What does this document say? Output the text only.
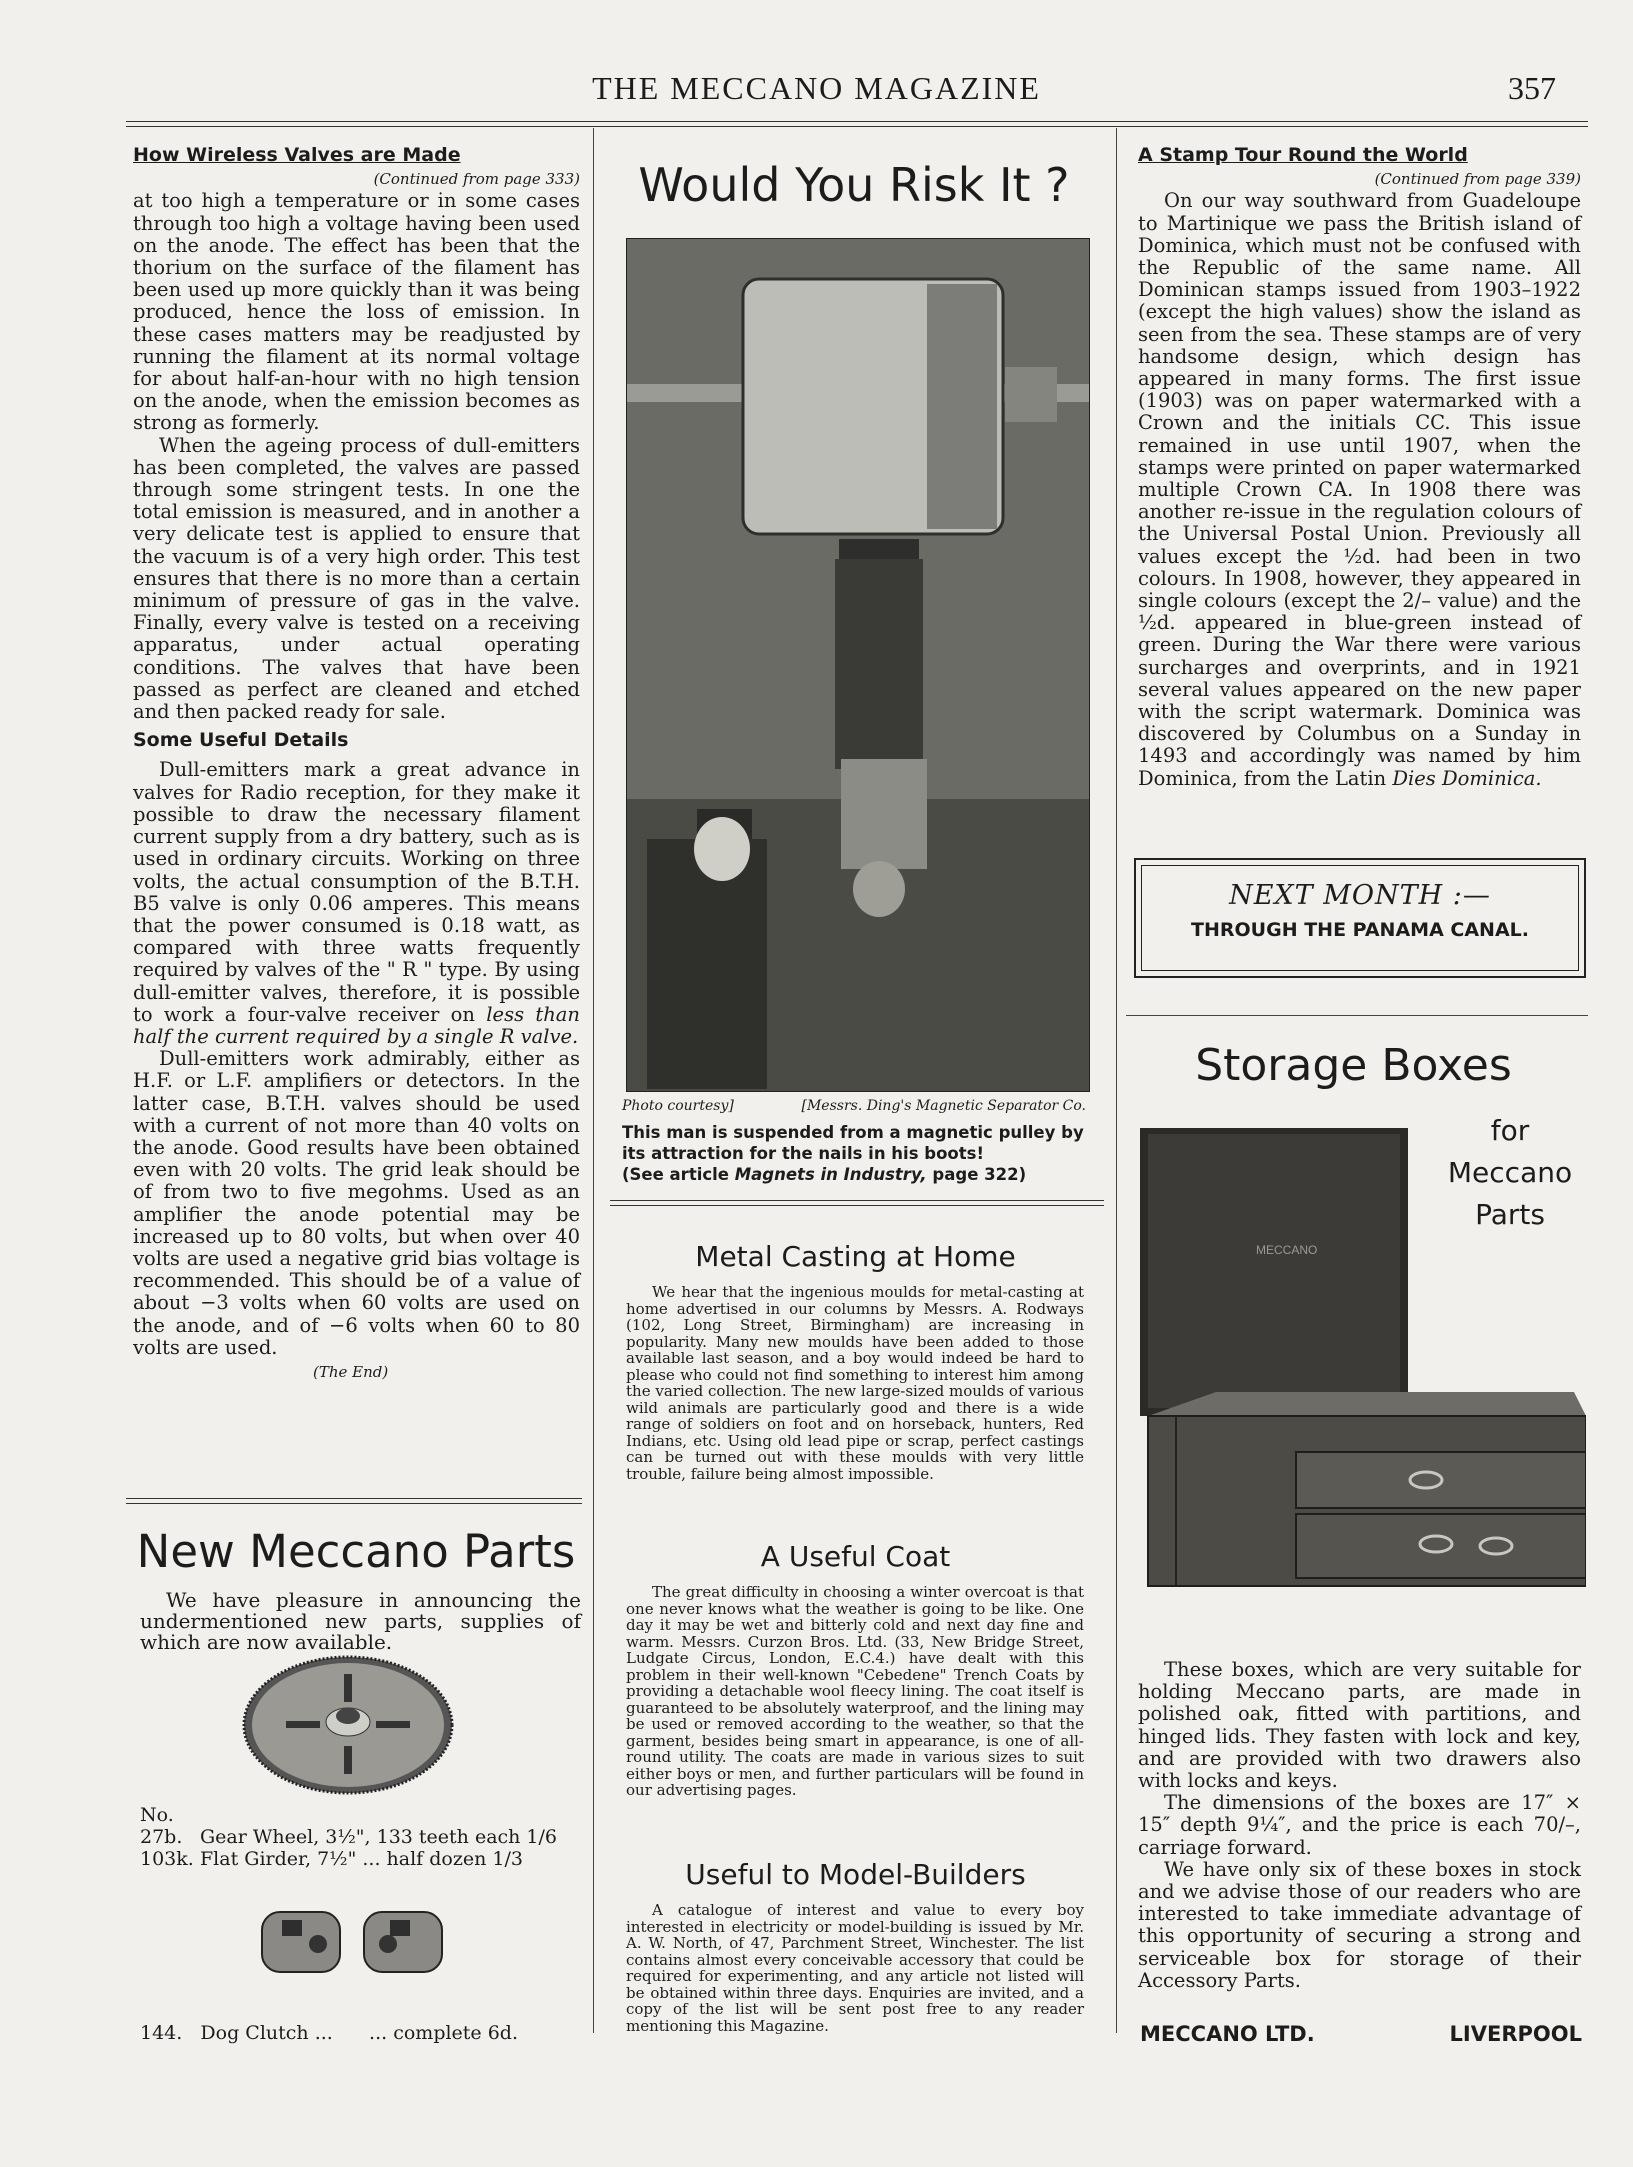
THE MECCANO MAGAZINE	357
How Wireless Valves are Made
(Continued from page 333)

at too high a temperature or in some cases through too high a voltage having been used on the anode. The effect has been that the thorium on the surface of the filament has been used up more quickly than it was being produced, hence the loss of emission. In these cases matters may be readjusted by running the filament at its normal voltage for about half-an-hour with no high tension on the anode, when the emission becomes as strong as formerly.

When the ageing process of dull-emitters has been completed, the valves are passed through some stringent tests. In one the total emission is measured, and in another a very delicate test is applied to ensure that the vacuum is of a very high order. This test ensures that there is no more than a certain minimum of pressure of gas in the valve. Finally, every valve is tested on a receiving apparatus, under actual operating conditions. The valves that have been passed as perfect are cleaned and etched and then packed ready for sale.

Some Useful Details

Dull-emitters mark a great advance in valves for Radio reception, for they make it possible to draw the necessary filament current supply from a dry battery, such as is used in ordinary circuits. Working on three volts, the actual consumption of the B.T.H. B5 valve is only 0.06 amperes. This means that the power consumed is 0.18 watt, as compared with three watts frequently required by valves of the " R " type. By using dull-emitter valves, therefore, it is possible to work a four-valve receiver on less than half the current required by a single R valve.

Dull-emitters work admirably, either as H.F. or L.F. amplifiers or detectors. In the latter case, B.T.H. valves should be used with a current of not more than 40 volts on the anode. Good results have been obtained even with 20 volts. The grid leak should be of from two to five megohms. Used as an amplifier the anode potential may be increased up to 80 volts, but when over 40 volts are used a negative grid bias voltage is recommended. This should be of a value of about −3 volts when 60 volts are used on the anode, and of −6 volts when 60 to 80 volts are used.

(The End)
New Meccano Parts

We have pleasure in announcing the undermentioned new parts, supplies of which are now available.

No.
27b. Gear Wheel, 3½", 133 teeth each 1/6
103k. Flat Girder, 7½" ... half dozen 1/3
144.   Dog Clutch ...      ... complete 6d.
Would You Risk It ?
Photo courtesy]	[Messrs. Ding's Magnetic Separator Co.
This man is suspended from a magnetic pulley by its attraction for the nails in his boots!
(See article Magnets in Industry, page 322)
Metal Casting at Home

We hear that the ingenious moulds for metal-casting at home advertised in our columns by Messrs. A. Rodways (102, Long Street, Birmingham) are increasing in popularity. Many new moulds have been added to those available last season, and a boy would indeed be hard to please who could not find something to interest him among the varied collection. The new large-sized moulds of various wild animals are particularly good and there is a wide range of soldiers on foot and on horseback, hunters, Red Indians, etc. Using old lead pipe or scrap, perfect castings can be turned out with these moulds with very little trouble, failure being almost impossible.

A Useful Coat

The great difficulty in choosing a winter overcoat is that one never knows what the weather is going to be like. One day it may be wet and bitterly cold and next day fine and warm. Messrs. Curzon Bros. Ltd. (33, New Bridge Street, Ludgate Circus, London, E.C.4.) have dealt with this problem in their well-known "Cebedene" Trench Coats by providing a detachable wool fleecy lining. The coat itself is guaranteed to be absolutely waterproof, and the lining may be used or removed according to the weather, so that the garment, besides being smart in appearance, is one of all-round utility. The coats are made in various sizes to suit either boys or men, and further particulars will be found in our advertising pages.

Useful to Model-Builders

A catalogue of interest and value to every boy interested in electricity or model-building is issued by Mr. A. W. North, of 47, Parchment Street, Winchester. The list contains almost every conceivable accessory that could be required for experimenting, and any article not listed will be obtained within three days. Enquiries are invited, and a copy of the list will be sent post free to any reader mentioning this Magazine.

A Stamp Tour Round the World
(Continued from page 339)

On our way southward from Guadeloupe to Martinique we pass the British island of Dominica, which must not be confused with the Republic of the same name. All Dominican stamps issued from 1903–1922 (except the high values) show the island as seen from the sea. These stamps are of very handsome design, which design has appeared in many forms. The first issue (1903) was on paper watermarked with a Crown and the initials CC. This issue remained in use until 1907, when the stamps were printed on paper watermarked multiple Crown CA. In 1908 there was another re-issue in the regulation colours of the Universal Postal Union. Previously all values except the ½d. had been in two colours. In 1908, however, they appeared in single colours (except the 2/– value) and the ½d. appeared in blue-green instead of green. During the War there were various surcharges and overprints, and in 1921 several values appeared on the new paper with the script watermark. Dominica was discovered by Columbus on a Sunday in 1493 and accordingly was named by him Dominica, from the Latin Dies Dominica.

NEXT MONTH :—
THROUGH THE PANAMA CANAL.
Storage Boxes
for
Meccano
Parts
MECCANO

These boxes, which are very suitable for holding Meccano parts, are made in polished oak, fitted with partitions, and hinged lids. They fasten with lock and key, and are provided with two drawers also with locks and keys.

The dimensions of the boxes are 17″ × 15″ depth 9¼″, and the price is each 70/–, carriage forward.

We have only six of these boxes in stock and we advise those of our readers who are interested to take immediate advantage of this opportunity of securing a strong and serviceable box for storage of their Accessory Parts.

MECCANO LTD.	LIVERPOOL
